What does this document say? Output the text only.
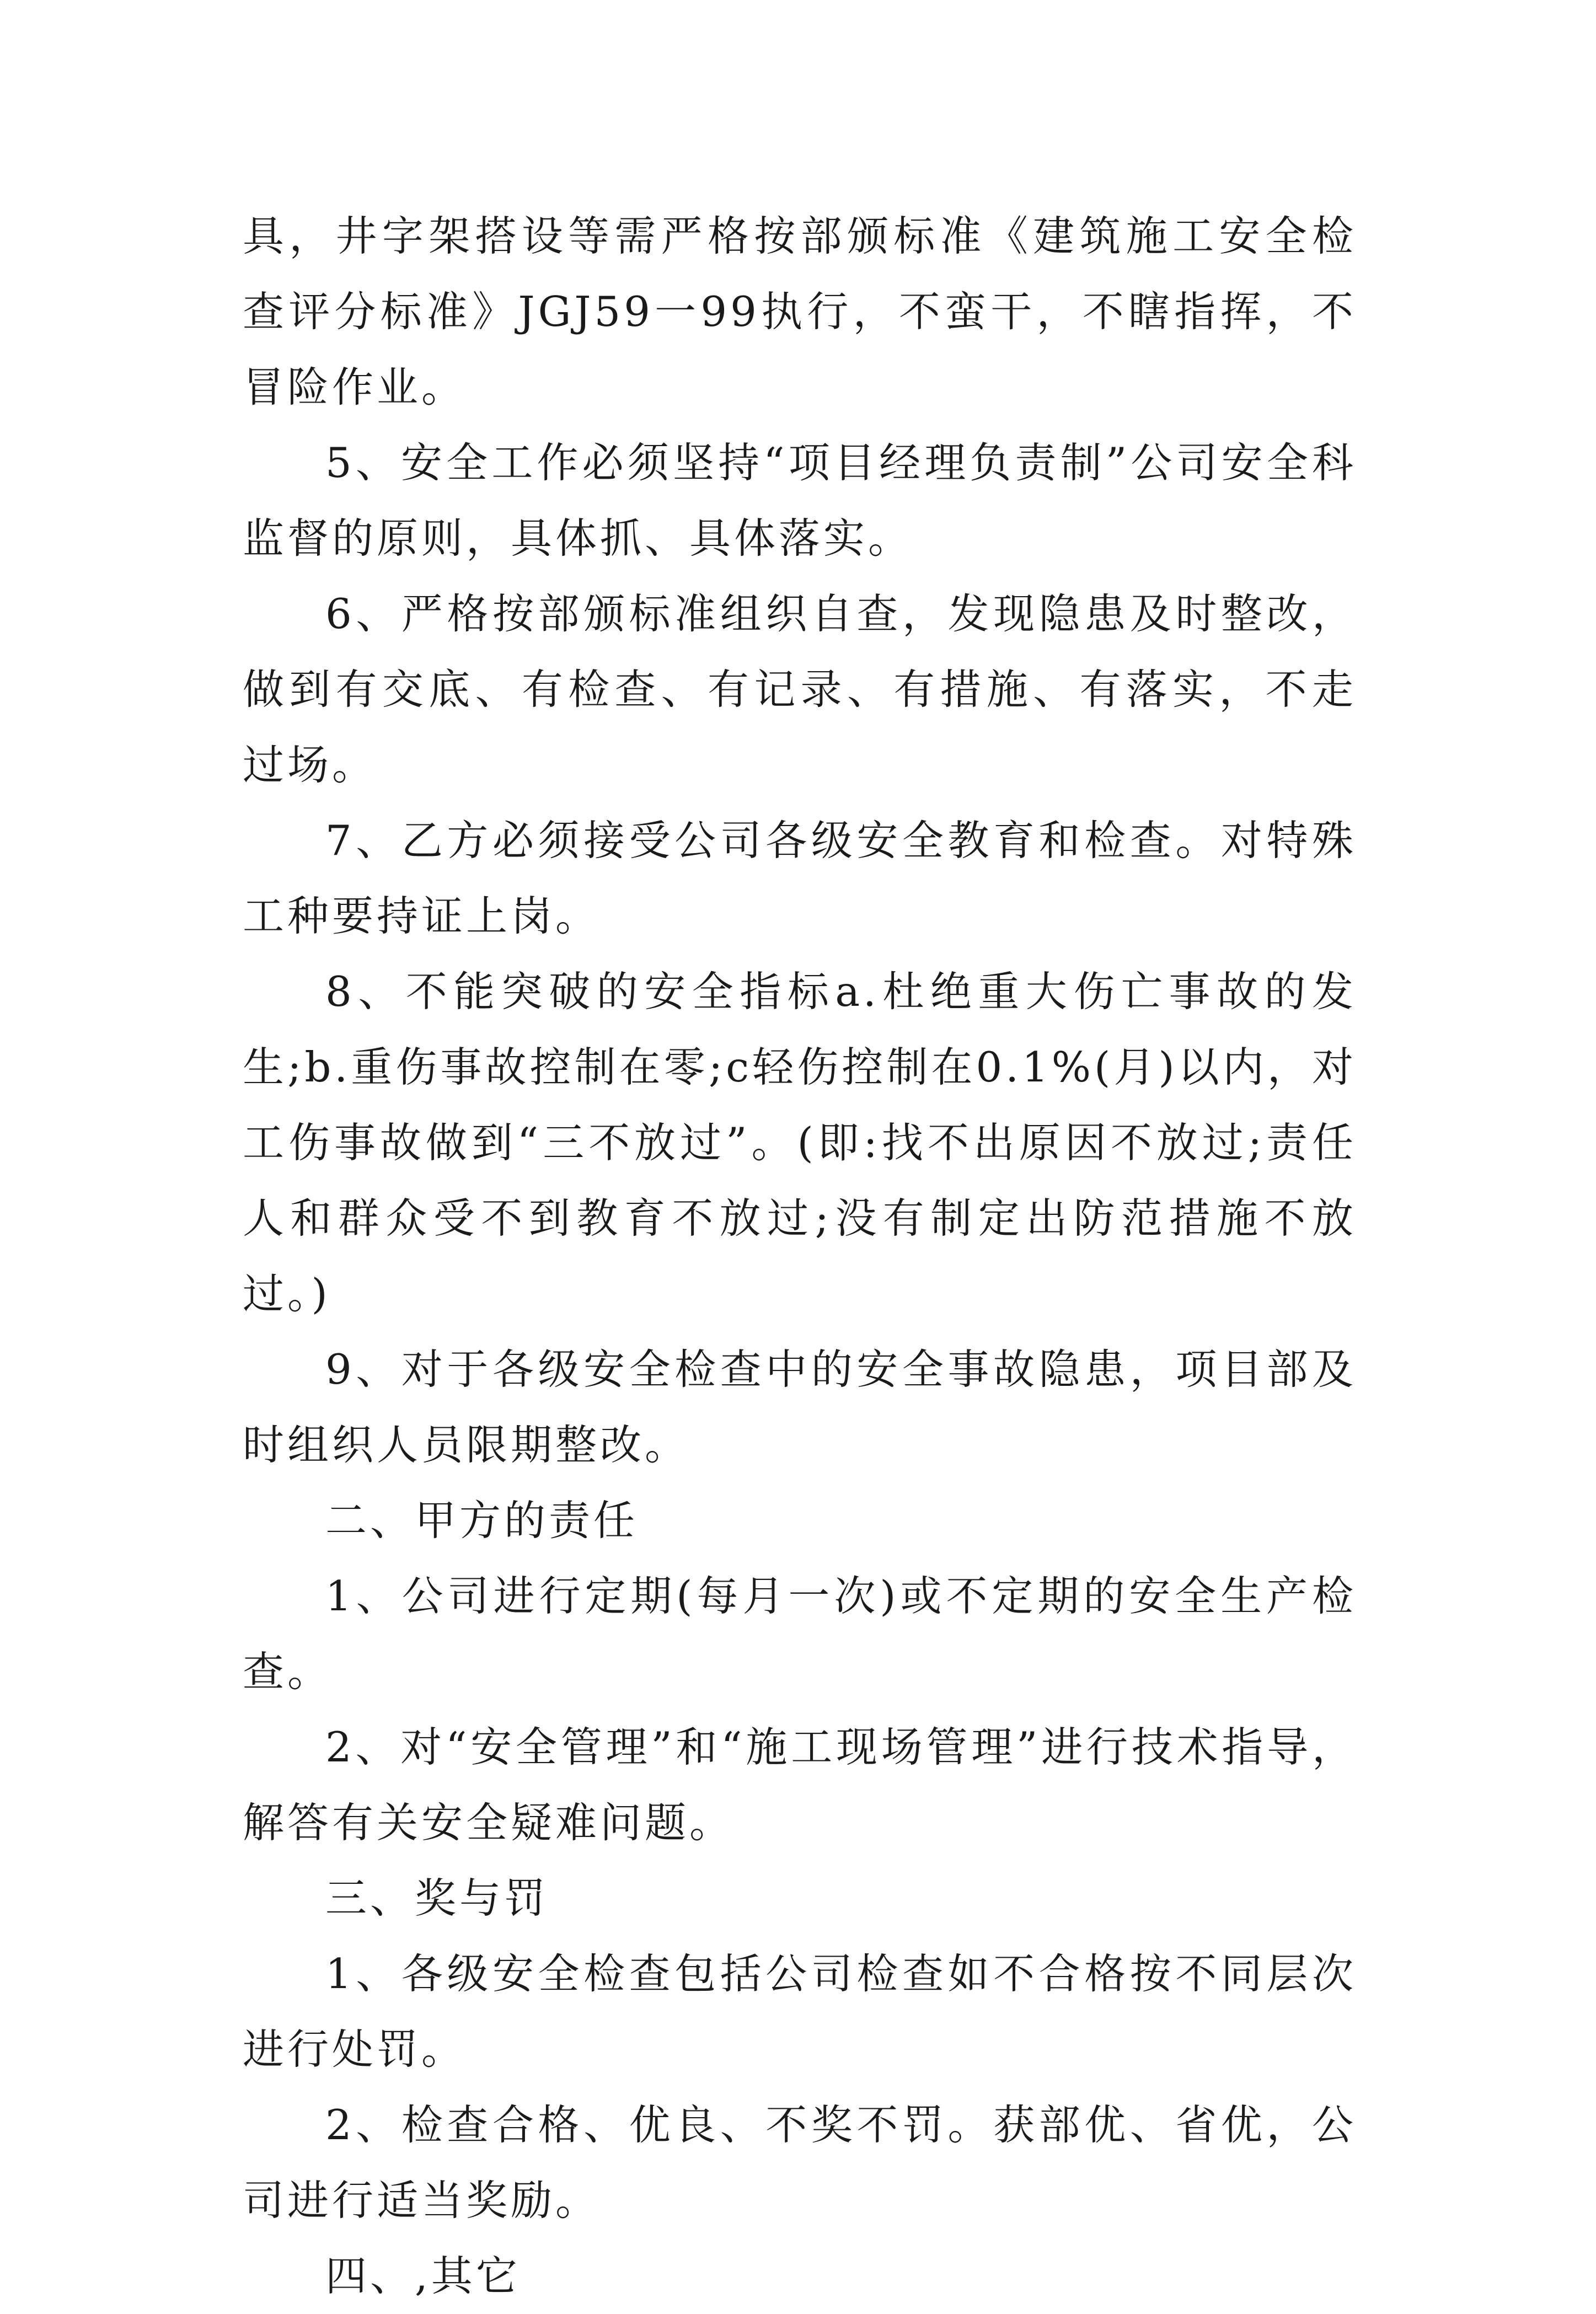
具，井字架搭设等需严格按部颁标准《建筑施工安全检查评分标准》JGJ59一99执行，不蛮干，不瞎指挥，不冒险作业。

5、安全工作必须坚持“项目经理负责制”公司安全科监督的原则，具体抓、具体落实。

6、严格按部颁标准组织自查，发现隐患及时整改，做到有交底、有检查、有记录、有措施、有落实，不走过场。

7、乙方必须接受公司各级安全教育和检查。对特殊工种要持证上岗。

8、不能突破的安全指标a.杜绝重大伤亡事故的发生;b.重伤事故控制在零;c轻伤控制在0.1%(月)以内，对工伤事故做到“三不放过”。(即:找不出原因不放过;责任人和群众受不到教育不放过;没有制定出防范措施不放过。)

9、对于各级安全检查中的安全事故隐患，项目部及时组织人员限期整改。

二、甲方的责任

1、公司进行定期(每月一次)或不定期的安全生产检查。

2、对“安全管理”和“施工现场管理”进行技术指导，解答有关安全疑难问题。

三、奖与罚

1、各级安全检查包括公司检查如不合格按不同层次进行处罚。

2、检查合格、优良、不奖不罚。获部优、省优，公司进行适当奖励。

四、,其它
